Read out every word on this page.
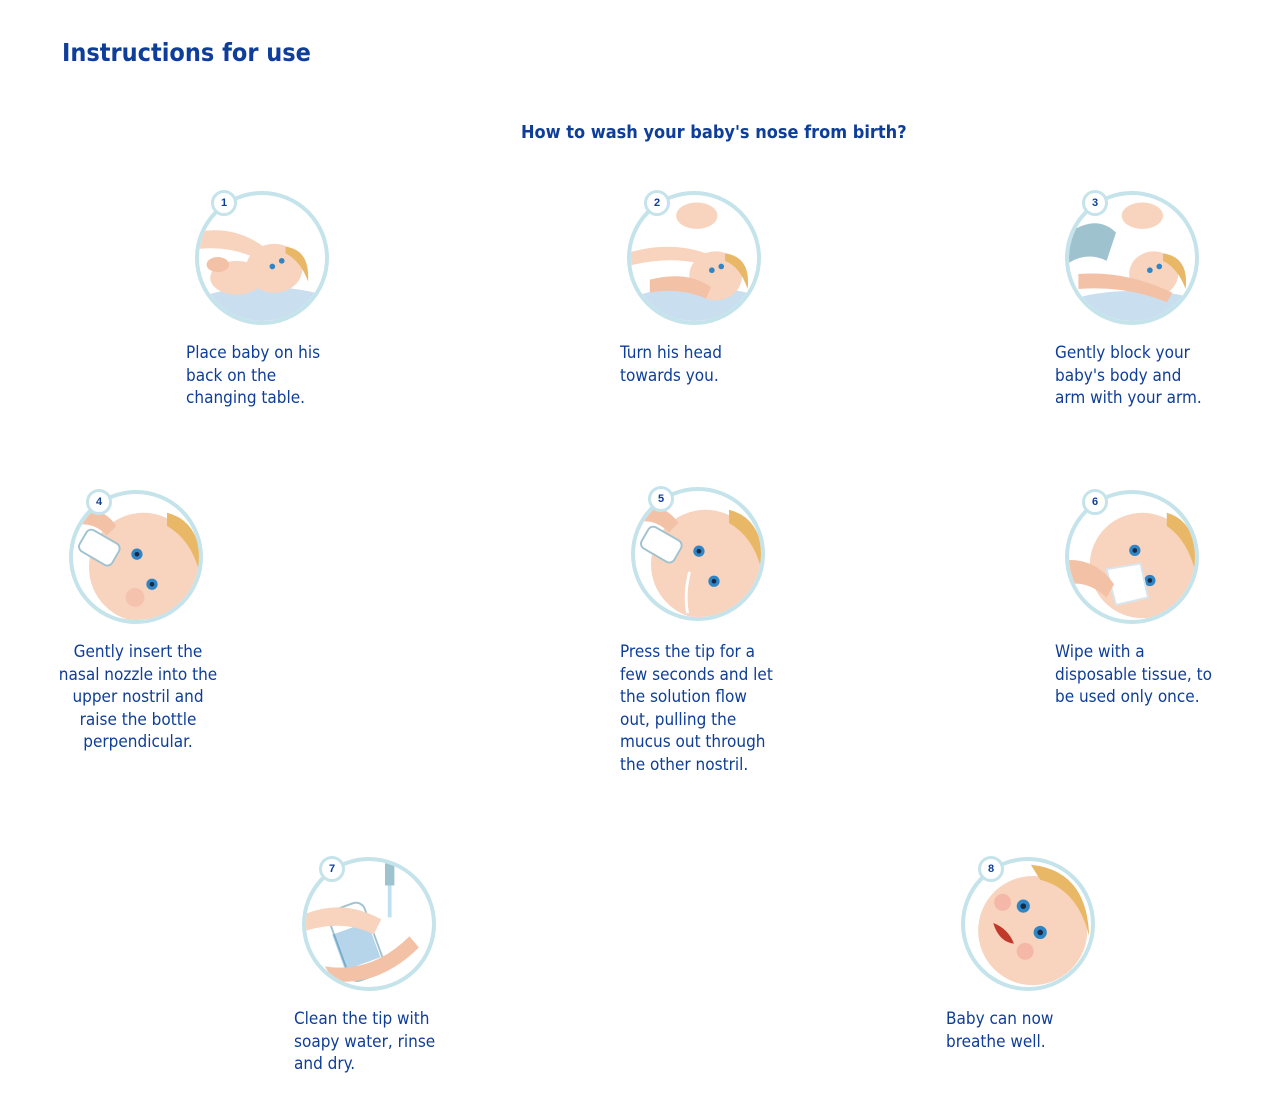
Instructions for use
How to wash your baby's nose from birth?
1

Place baby on his back on the changing table.

2

Turn his head towards you.

3

Gently block your baby's body and arm with your arm.

4

Gently insert the nasal nozzle into the upper nostril and raise the bottle perpendicular.

5

Press the tip for a few seconds and let the solution flow out, pulling the mucus out through the other nostril.

6

Wipe with a disposable tissue, to be used only once.

7

Clean the tip with soapy water, rinse and dry.

8

Baby can now breathe well.
